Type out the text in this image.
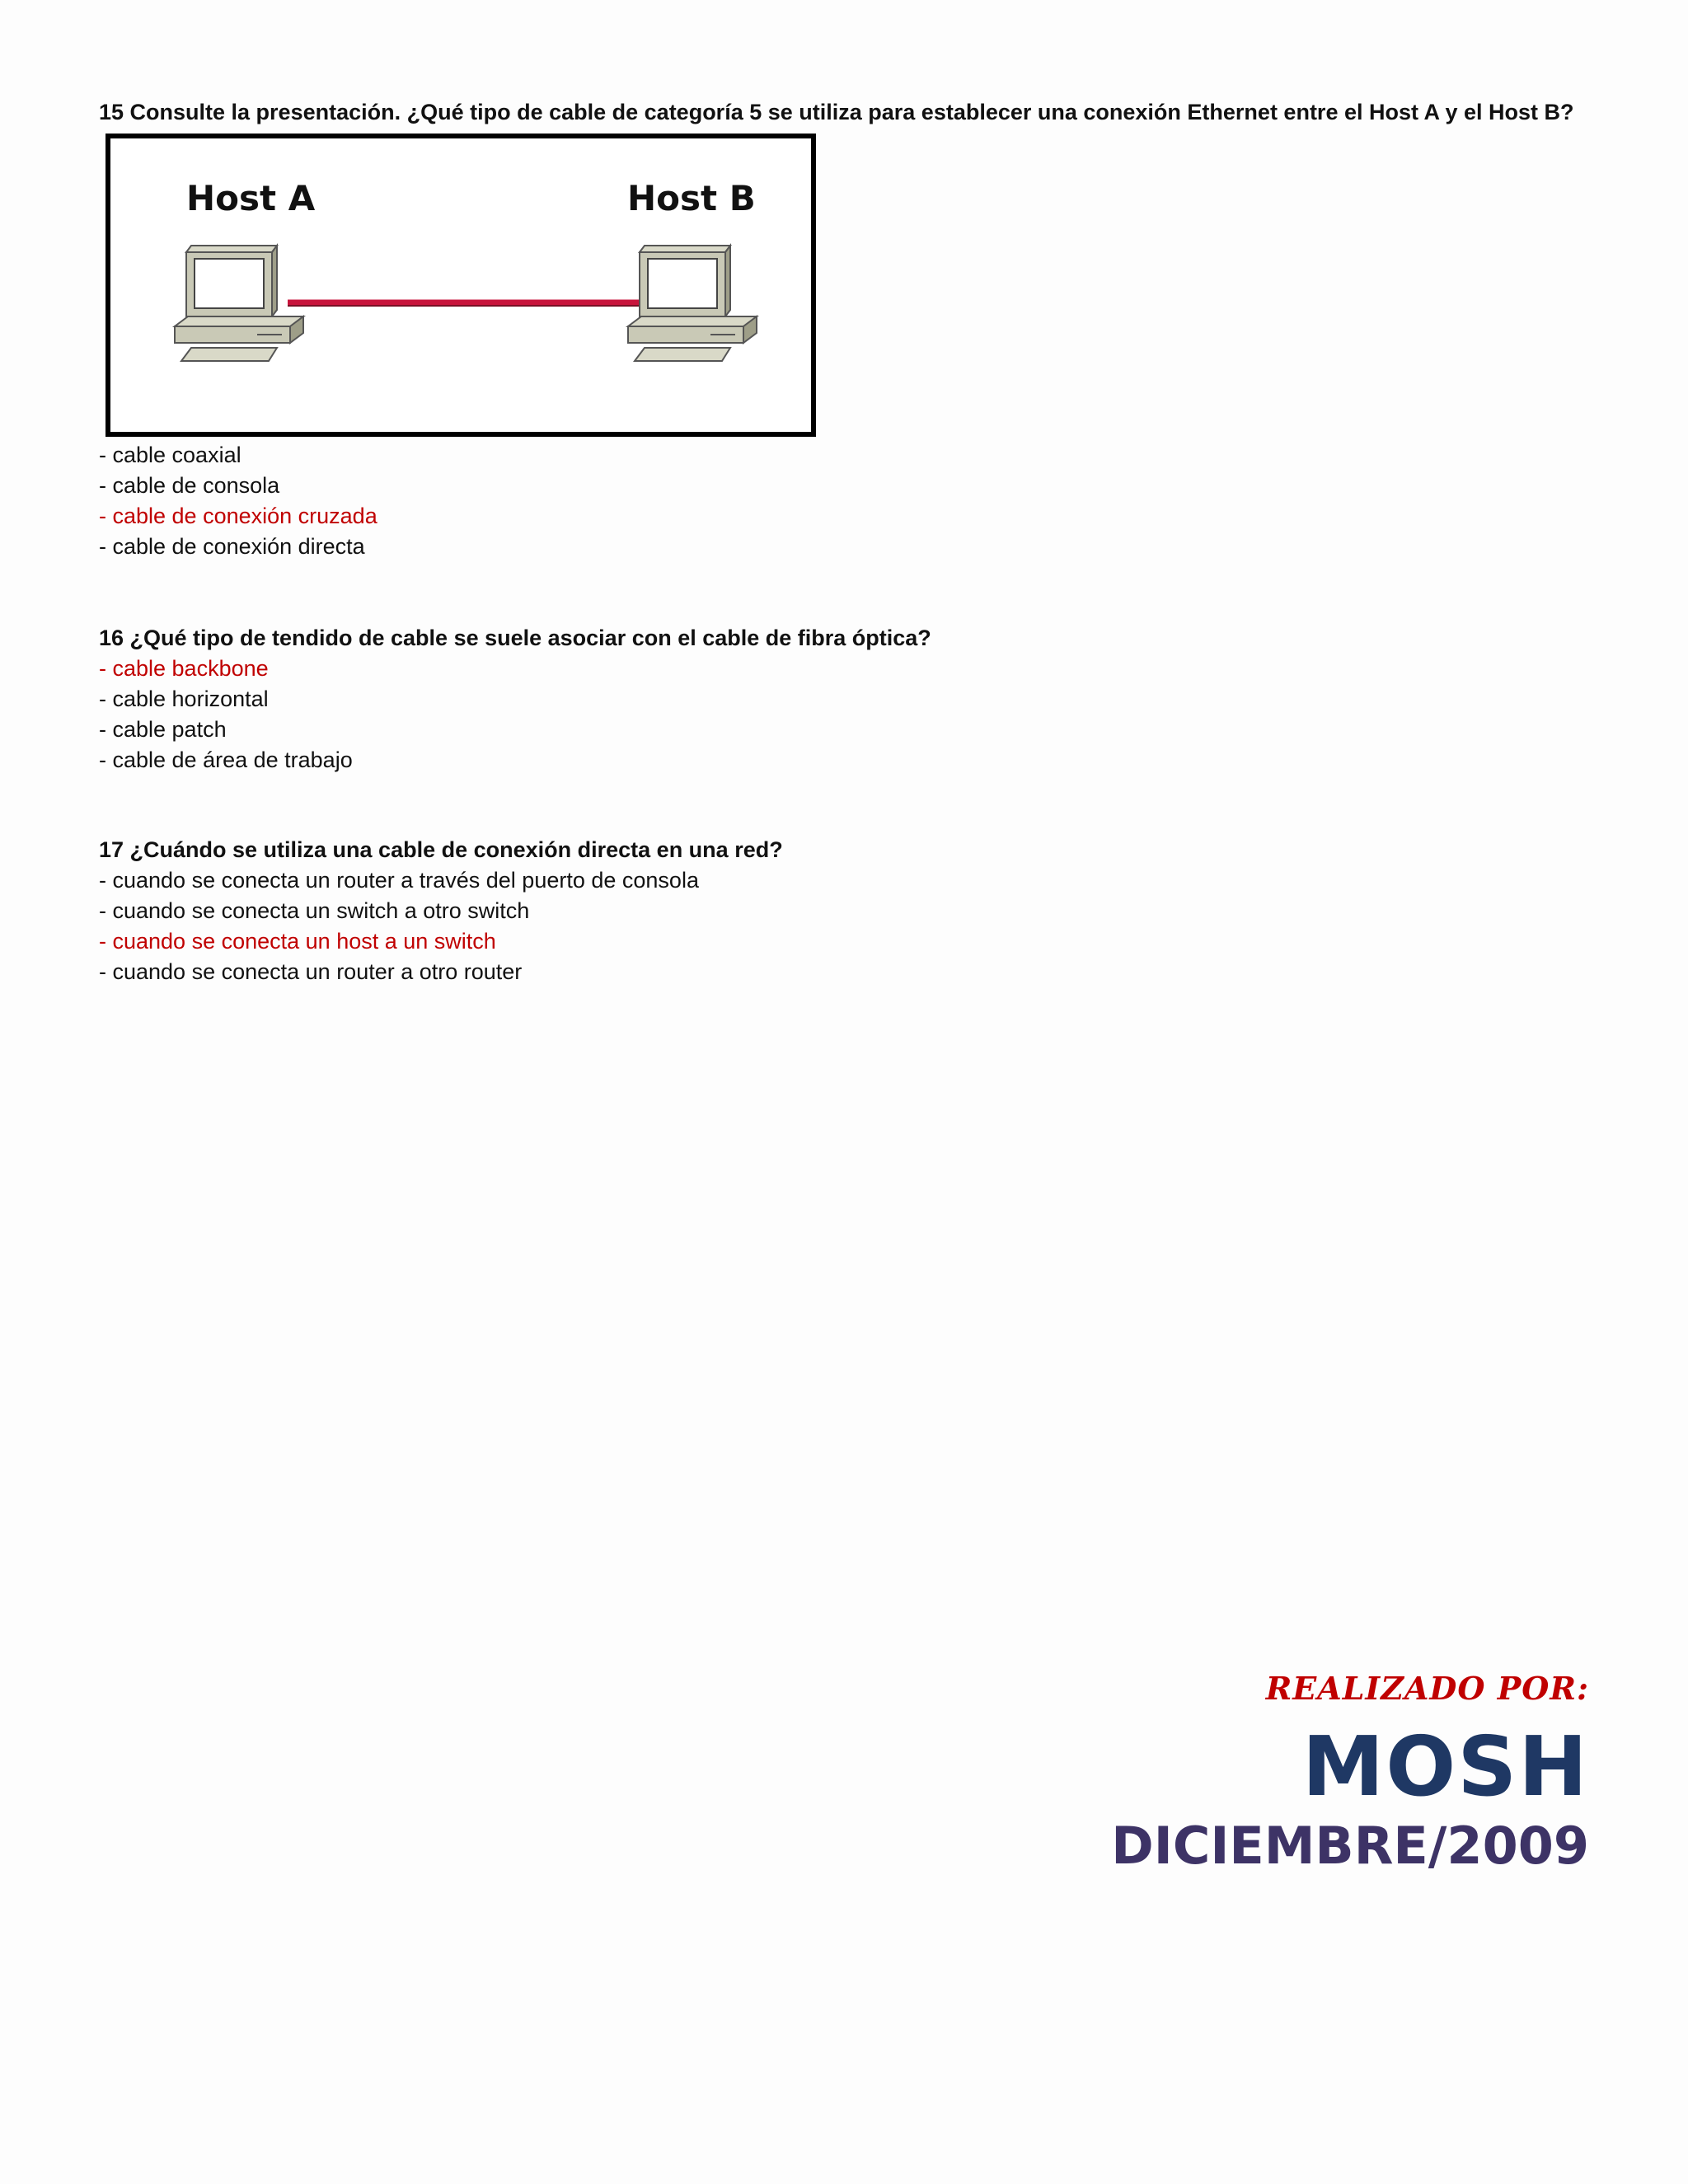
15 Consulte la presentación. ¿Qué tipo de cable de categoría 5 se utiliza para establecer una conexión Ethernet entre el Host A y el Host B?

Host A	Host B
- cable coaxial
- cable de consola
- cable de conexión cruzada
- cable de conexión directa

16 ¿Qué tipo de tendido de cable se suele asociar con el cable de fibra óptica?

- cable backbone
- cable horizontal
- cable patch
- cable de área de trabajo

17 ¿Cuándo se utiliza una cable de conexión directa en una red?

- cuando se conecta un router a través del puerto de consola
- cuando se conecta un switch a otro switch
- cuando se conecta un host a un switch
- cuando se conecta un router a otro router
REALIZADO POR:
MOSH
DICIEMBRE/2009
